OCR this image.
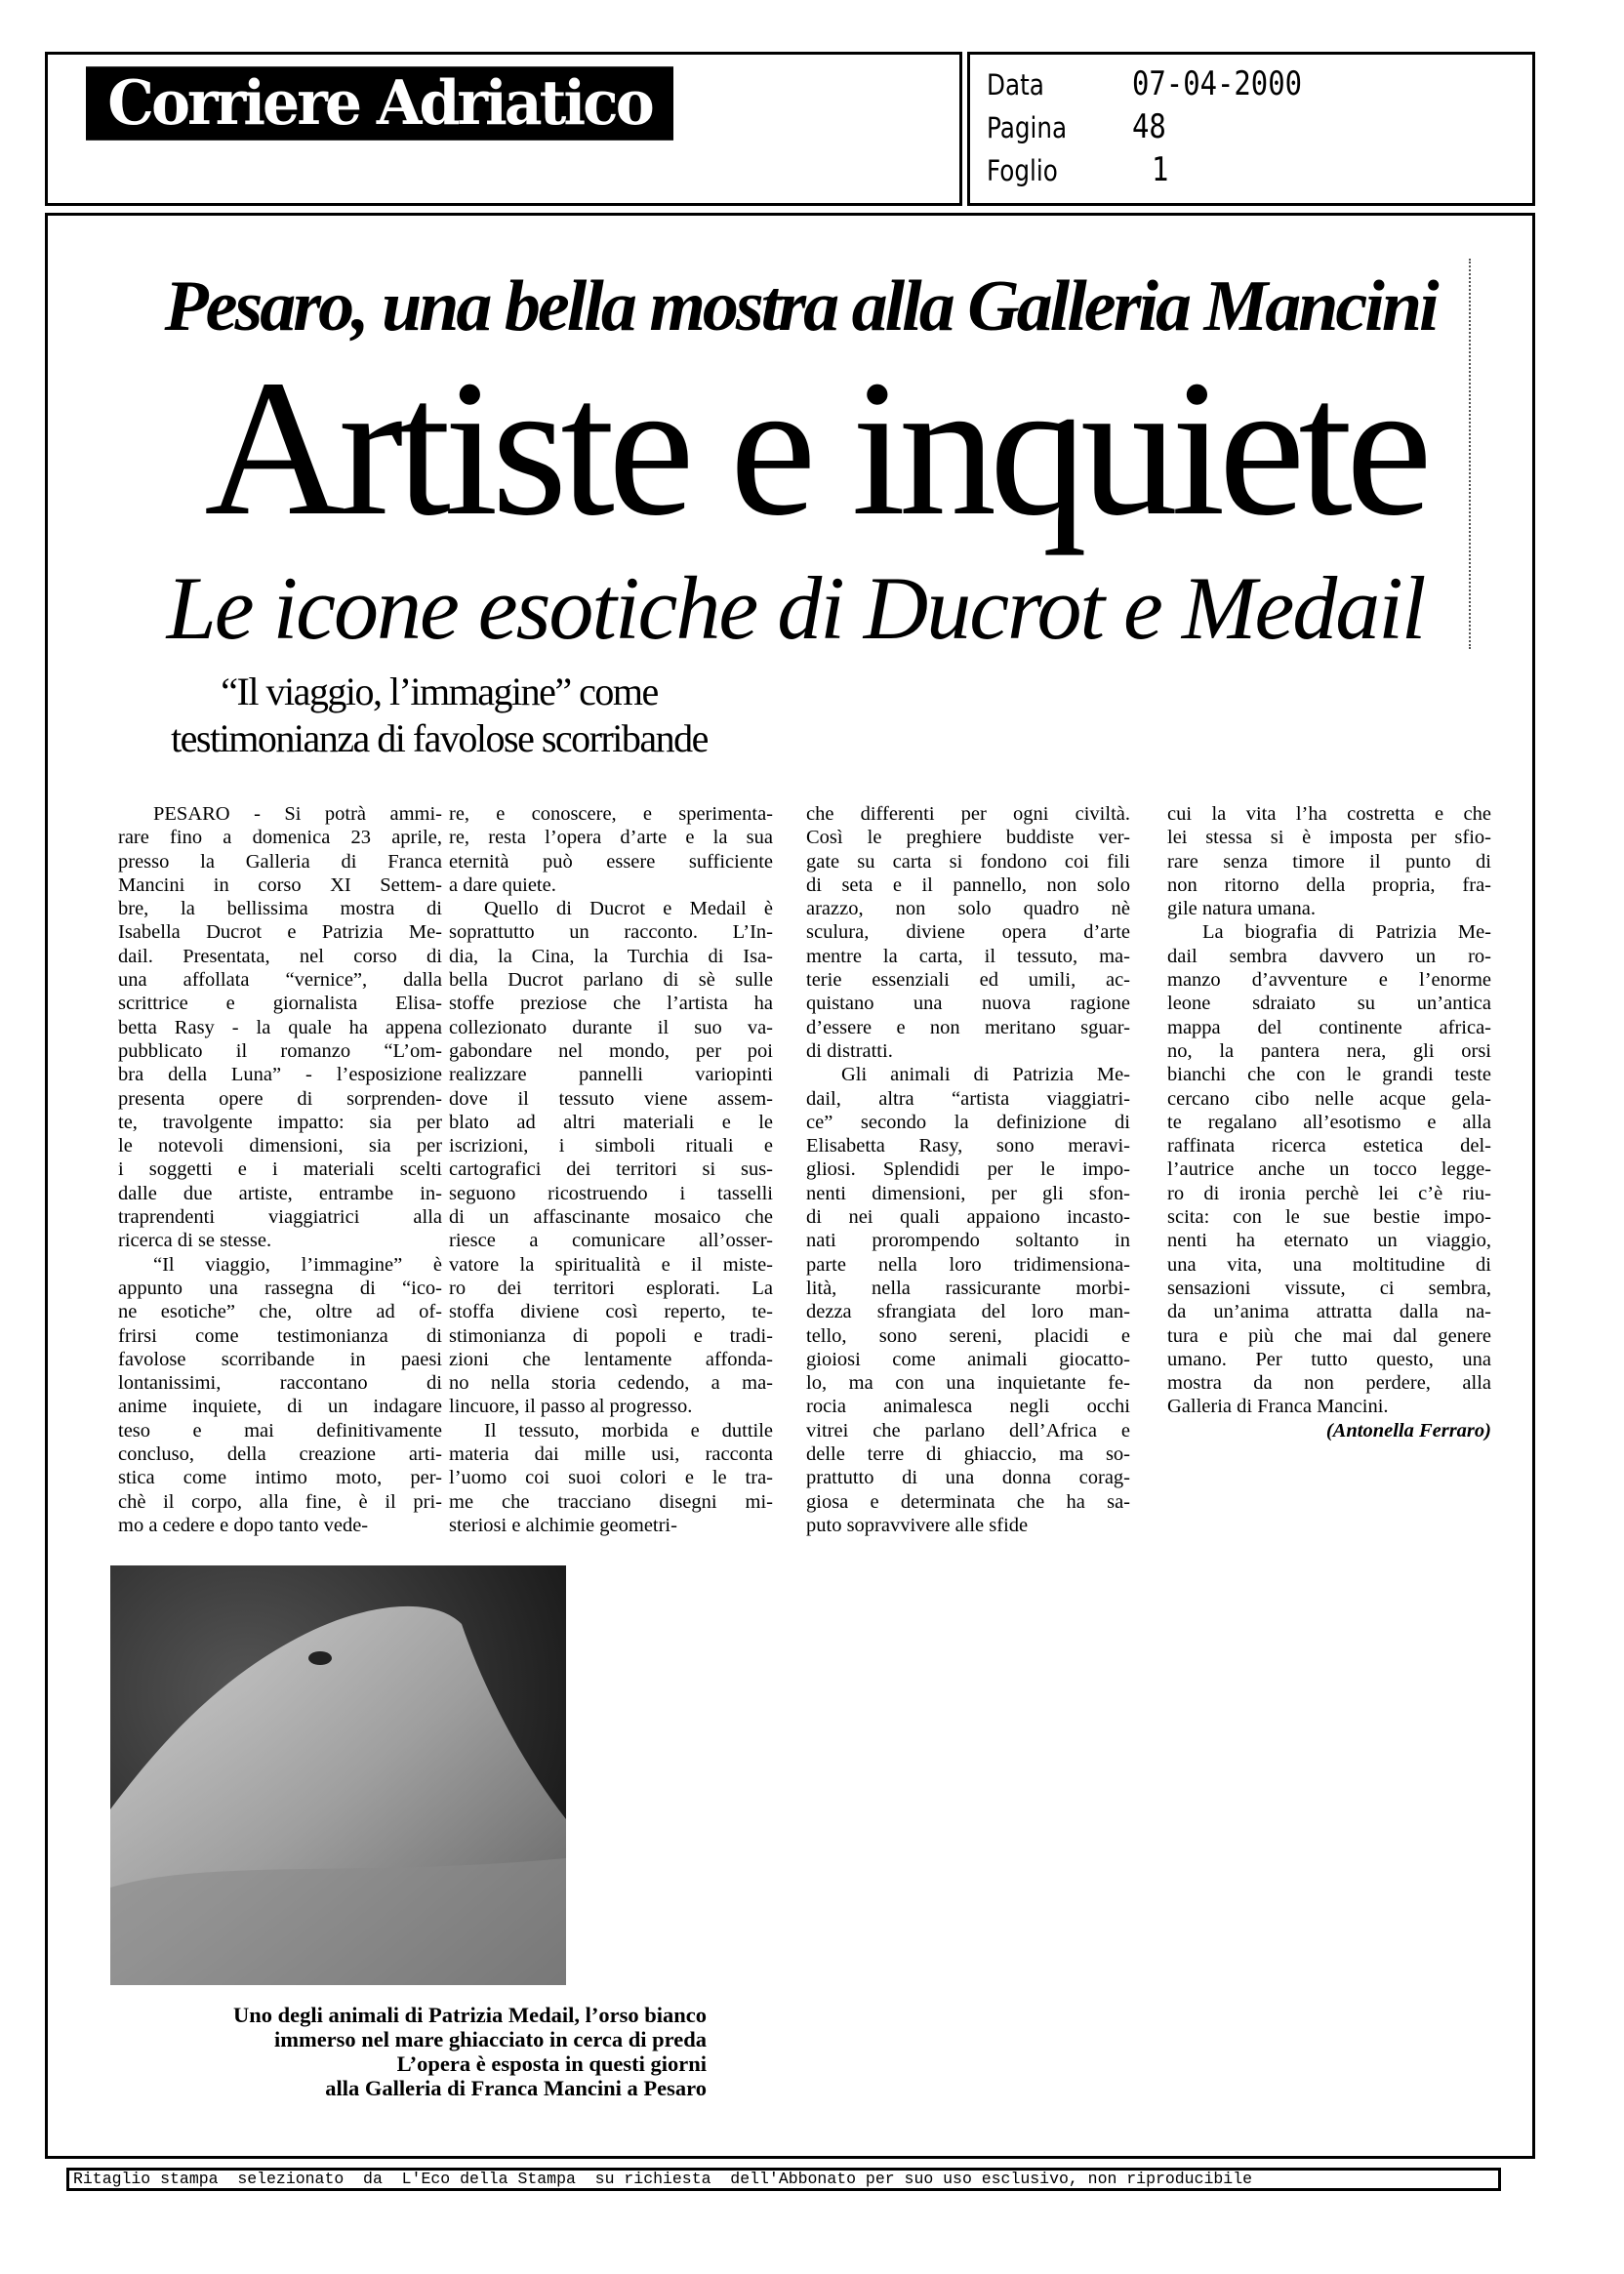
Corriere Adriatico	Data	07-04-2000
Pagina 48
Foglio	1
Pesaro, una bella mostra alla Galleria Mancini
Artiste e inquiete
Le icone esotiche di Ducrot e Medail
“Il viaggio, l’immagine” come
testimonianza di favolose scorribande
PESARO - Si potrà ammi-
rare fino a domenica 23 aprile,
presso la Galleria di Franca
Mancini in corso XI Settem-
bre, la bellissima mostra di
Isabella Ducrot e Patrizia Me-
dail. Presentata, nel corso di
una affollata “vernice”, dalla
scrittrice e giornalista Elisa-
betta Rasy - la quale ha appena
pubblicato il romanzo “L’om-
bra della Luna” - l’esposizione
presenta opere di sorprenden-
te, travolgente impatto: sia per
le notevoli dimensioni, sia per
i soggetti e i materiali scelti
dalle due artiste, entrambe in-
traprendenti viaggiatrici alla
ricerca di se stesse.
“Il viaggio, l’immagine” è
appunto una rassegna di “ico-
ne esotiche” che, oltre ad of-
frirsi come testimonianza di
favolose scorribande in paesi
lontanissimi, raccontano di
anime inquiete, di un indagare
teso e mai definitivamente
concluso, della creazione arti-
stica come intimo moto, per-
chè il corpo, alla fine, è il pri-
mo a cedere e dopo tanto vede-
re, e conoscere, e sperimenta-
re, resta l’opera d’arte e la sua
eternità può essere sufficiente
a dare quiete.
Quello di Ducrot e Medail è
soprattutto un racconto. L’In-
dia, la Cina, la Turchia di Isa-
bella Ducrot parlano di sè sulle
stoffe preziose che l’artista ha
collezionato durante il suo va-
gabondare nel mondo, per poi
realizzare pannelli variopinti
dove il tessuto viene assem-
blato ad altri materiali e le
iscrizioni, i simboli rituali e
cartografici dei territori si sus-
seguono ricostruendo i tasselli
di un affascinante mosaico che
riesce a comunicare all’osser-
vatore la spiritualità e il miste-
ro dei territori esplorati. La
stoffa diviene così reperto, te-
stimonianza di popoli e tradi-
zioni che lentamente affonda-
no nella storia cedendo, a ma-
lincuore, il passo al progresso.
Il tessuto, morbida e duttile
materia dai mille usi, racconta
l’uomo coi suoi colori e le tra-
me che tracciano disegni mi-
steriosi e alchimie geometri-
che differenti per ogni civiltà.
Così le preghiere buddiste ver-
gate su carta si fondono coi fili
di seta e il pannello, non solo
arazzo, non solo quadro nè
sculura, diviene opera d’arte
mentre la carta, il tessuto, ma-
terie essenziali ed umili, ac-
quistano una nuova ragione
d’essere e non meritano sguar-
di distratti.
Gli animali di Patrizia Me-
dail, altra “artista viaggiatri-
ce” secondo la definizione di
Elisabetta Rasy, sono meravi-
gliosi. Splendidi per le impo-
nenti dimensioni, per gli sfon-
di nei quali appaiono incasto-
nati prorompendo soltanto in
parte nella loro tridimensiona-
lità, nella rassicurante morbi-
dezza sfrangiata del loro man-
tello, sono sereni, placidi e
gioiosi come animali giocatto-
lo, ma con una inquietante fe-
rocia animalesca negli occhi
vitrei che parlano dell’Africa e
delle terre di ghiaccio, ma so-
prattutto di una donna corag-
giosa e determinata che ha sa-
puto sopravvivere alle sfide
cui la vita l’ha costretta e che
lei stessa si è imposta per sfio-
rare senza timore il punto di
non ritorno della propria, fra-
gile natura umana.
La biografia di Patrizia Me-
dail sembra davvero un ro-
manzo d’avventure e l’enorme
leone sdraiato su un’antica
mappa del continente africa-
no, la pantera nera, gli orsi
bianchi che con le grandi teste
cercano cibo nelle acque gela-
te regalano all’esotismo e alla
raffinata ricerca estetica del-
l’autrice anche un tocco legge-
ro di ironia perchè lei c’è riu-
scita: con le sue bestie impo-
nenti ha eternato un viaggio,
una vita, una moltitudine di
sensazioni vissute, ci sembra,
da un’anima attratta dalla na-
tura e più che mai dal genere
umano. Per tutto questo, una
mostra da non perdere, alla
Galleria di Franca Mancini.
(Antonella Ferraro)
Uno degli animali di Patrizia Medail, l’orso bianco
immerso nel mare ghiacciato in cerca di preda
L’opera è esposta in questi giorni
alla Galleria di Franca Mancini a Pesaro
Ritaglio stampa  selezionato  da  L'Eco della Stampa  su richiesta  dell'Abbonato per suo uso esclusivo, non riproducibile
